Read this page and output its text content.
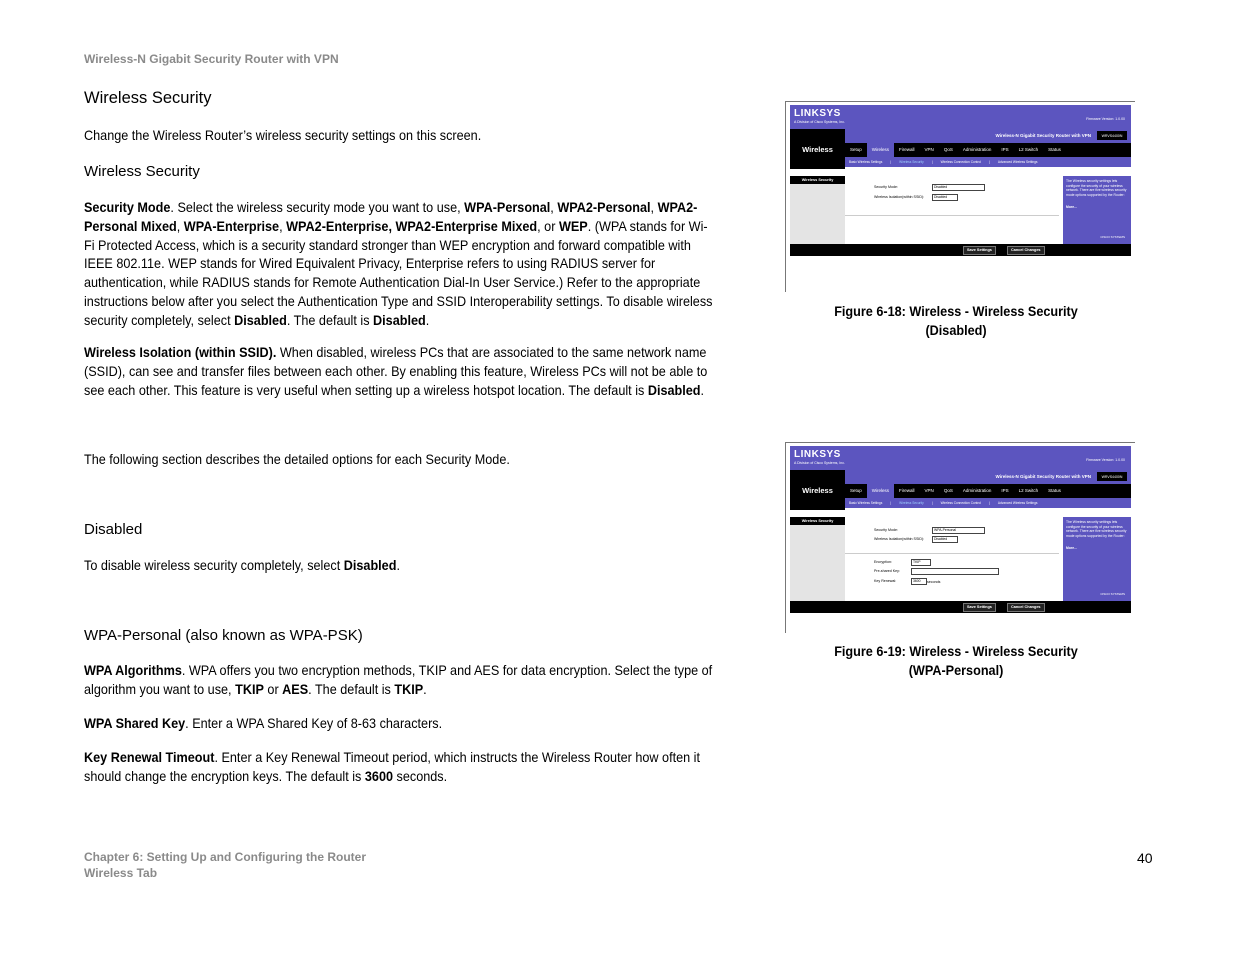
Wireless-N Gigabit Security Router with VPN
Wireless Security
Change the Wireless Router’s wireless security settings on this screen.
Wireless Security
Security Mode. Select the wireless security mode you want to use, WPA-Personal, WPA2-Personal, WPA2-Personal Mixed, WPA-Enterprise, WPA2-Enterprise, WPA2-Enterprise Mixed, or WEP. (WPA stands for Wi-Fi Protected Access, which is a security standard stronger than WEP encryption and forward compatible with IEEE 802.11e. WEP stands for Wired Equivalent Privacy, Enterprise refers to using RADIUS server for authentication, while RADIUS stands for Remote Authentication Dial-In User Service.) Refer to the appropriate instructions below after you select the Authentication Type and SSID Interoperability settings. To disable wireless security completely, select Disabled. The default is Disabled.
Wireless Isolation (within SSID). When disabled, wireless PCs that are associated to the same network name (SSID), can see and transfer files between each other. By enabling this feature, Wireless PCs will not be able to see each other. This feature is very useful when setting up a wireless hotspot location. The default is Disabled.
The following section describes the detailed options for each Security Mode.
Disabled
To disable wireless security completely, select Disabled.
WPA-Personal (also known as WPA-PSK)
WPA Algorithms. WPA offers you two encryption methods, TKIP and AES for data encryption. Select the type of algorithm you want to use, TKIP or AES. The default is TKIP.
WPA Shared Key. Enter a WPA Shared Key of 8-63 characters.
Key Renewal Timeout. Enter a Key Renewal Timeout period, which instructs the Wireless Router how often it should change the encryption keys. The default is 3600 seconds.
LINKSYS
A Division of Cisco Systems, Inc.
Firmware Version: 1.0.00
Wireless
Wireless-N Gigabit Security Router with VPN	WRVS4400N
Setup	Wireless	Firewall	VPN	QoS	Administration	IPS	L2 Switch	Status
Basic Wireless Settings	|	Wireless Security	|	Wireless Connection Control	|	Advanced Wireless Settings
Wireless Security
Security Mode:	Disabled
Wireless Isolation(within SSID):	Disabled
The Wireless security settings lets configure the security of your wireless network. There are five wireless security mode options supported by the Router:
More...
CISCO SYSTEMS
Save Settings	Cancel Changes
Figure 6-18: Wireless - Wireless Security
(Disabled)
LINKSYS
A Division of Cisco Systems, Inc.
Firmware Version: 1.0.00
Wireless
Wireless-N Gigabit Security Router with VPN	WRVS4400N
Setup	Wireless	Firewall	VPN	QoS	Administration	IPS	L2 Switch	Status
Basic Wireless Settings	|	Wireless Security	|	Wireless Connection Control	|	Advanced Wireless Settings
Wireless Security
Security Mode:	WPA-Personal
Wireless Isolation(within SSID):	Disabled
Encryption:	TKIP
Pre-shared Key:
Key Renewal:	3600	seconds
The Wireless security settings lets configure the security of your wireless network. There are five wireless security mode options supported by the Router:
More...
CISCO SYSTEMS
Save Settings	Cancel Changes
Figure 6-19: Wireless - Wireless Security
(WPA-Personal)
Chapter 6: Setting Up and Configuring the Router
Wireless Tab
40
